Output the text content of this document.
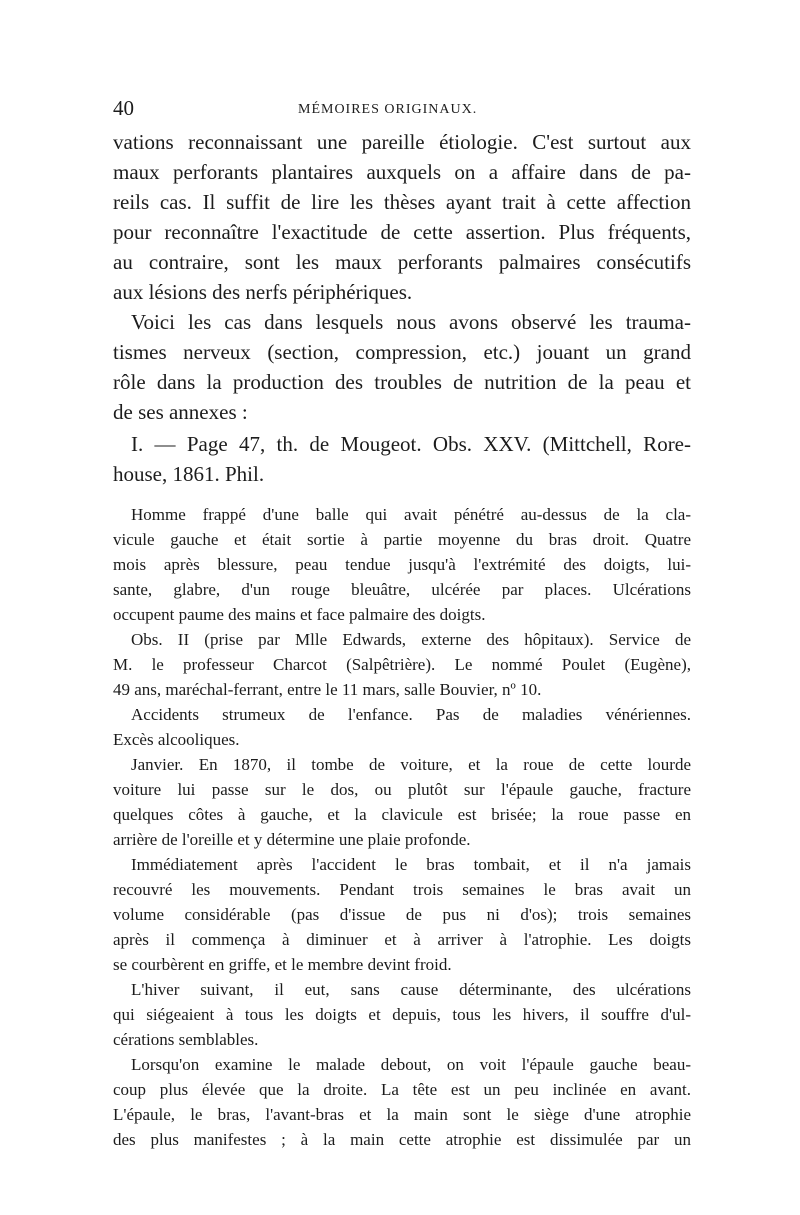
40	MÉMOIRES ORIGINAUX.
vations reconnaissant une pareille étiologie. C'est surtout aux
maux perforants plantaires auxquels on a affaire dans de pa-
reils cas. Il suffit de lire les thèses ayant trait à cette affection
pour reconnaître l'exactitude de cette assertion. Plus fréquents,
au contraire, sont les maux perforants palmaires consécutifs
aux lésions des nerfs périphériques.
Voici les cas dans lesquels nous avons observé les trauma-
tismes nerveux (section, compression, etc.) jouant un grand
rôle dans la production des troubles de nutrition de la peau et
de ses annexes :
I. — Page 47, th. de Mougeot. Obs. XXV. (Mittchell, Rore-
house, 1861. Phil.
Homme frappé d'une balle qui avait pénétré au-dessus de la cla-
vicule gauche et était sortie à partie moyenne du bras droit. Quatre
mois après blessure, peau tendue jusqu'à l'extrémité des doigts, lui-
sante, glabre, d'un rouge bleuâtre, ulcérée par places. Ulcérations
occupent paume des mains et face palmaire des doigts.
Obs. II (prise par Mlle Edwards, externe des hôpitaux). Service de
M. le professeur Charcot (Salpêtrière). Le nommé Poulet (Eugène),
49 ans, maréchal-ferrant, entre le 11 mars, salle Bouvier, nº 10.
Accidents strumeux de l'enfance. Pas de maladies vénériennes.
Excès alcooliques.
Janvier. En 1870, il tombe de voiture, et la roue de cette lourde
voiture lui passe sur le dos, ou plutôt sur l'épaule gauche, fracture
quelques côtes à gauche, et la clavicule est brisée; la roue passe en
arrière de l'oreille et y détermine une plaie profonde.
Immédiatement après l'accident le bras tombait, et il n'a jamais
recouvré les mouvements. Pendant trois semaines le bras avait un
volume considérable (pas d'issue de pus ni d'os); trois semaines
après il commença à diminuer et à arriver à l'atrophie. Les doigts
se courbèrent en griffe, et le membre devint froid.
L'hiver suivant, il eut, sans cause déterminante, des ulcérations
qui siégeaient à tous les doigts et depuis, tous les hivers, il souffre d'ul-
cérations semblables.
Lorsqu'on examine le malade debout, on voit l'épaule gauche beau-
coup plus élevée que la droite. La tête est un peu inclinée en avant.
L'épaule, le bras, l'avant-bras et la main sont le siège d'une atrophie
des plus manifestes ; à la main cette atrophie est dissimulée par un
